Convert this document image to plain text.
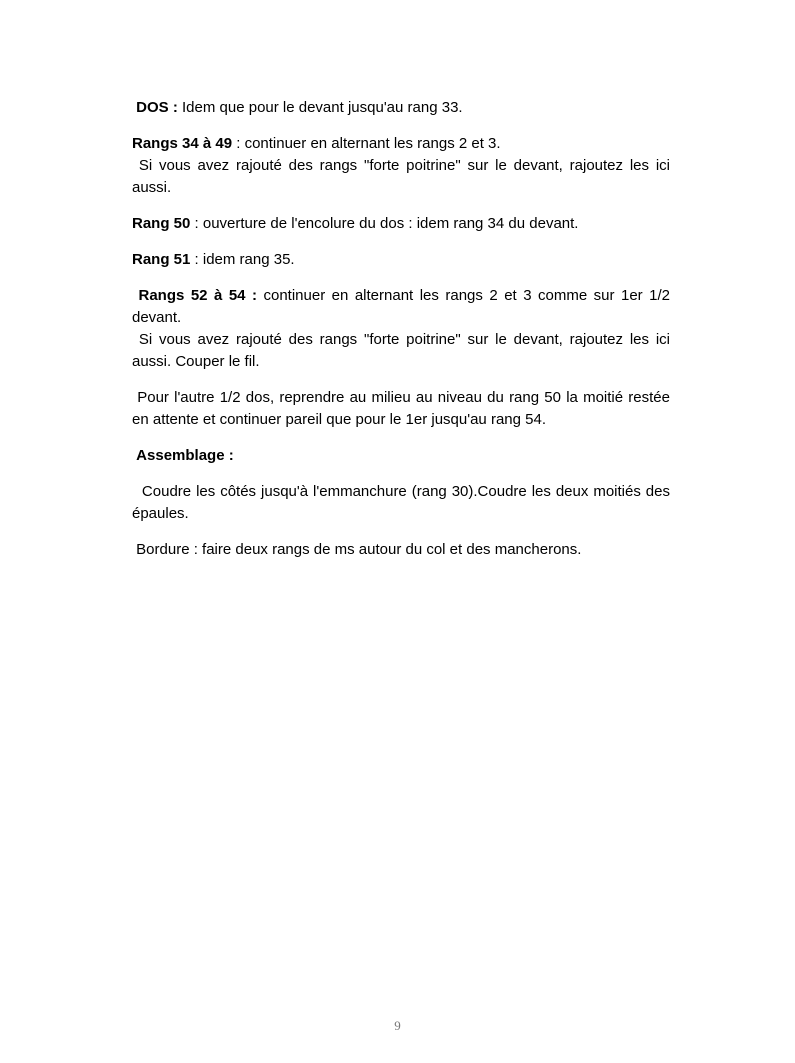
DOS : Idem que pour le devant jusqu'au rang 33.

Rangs 34 à 49 : continuer en alternant les rangs 2 et 3.
Si vous avez rajouté des rangs "forte poitrine" sur le devant, rajoutez les ici aussi.

Rang 50 : ouverture de l'encolure du dos : idem rang 34 du devant.

Rang 51 : idem rang 35.

Rangs 52 à 54 : continuer en alternant les rangs 2 et 3 comme sur 1er 1/2 devant.
Si vous avez rajouté des rangs "forte poitrine" sur le devant, rajoutez les ici aussi. Couper le fil.

Pour l'autre 1/2 dos, reprendre au milieu au niveau du rang 50 la moitié restée en attente et continuer pareil que pour le 1er jusqu'au rang 54.

Assemblage :

Coudre les côtés jusqu'à l'emmanchure (rang 30).Coudre les deux moitiés des épaules.

Bordure : faire deux rangs de ms autour du col et des mancherons.

9
